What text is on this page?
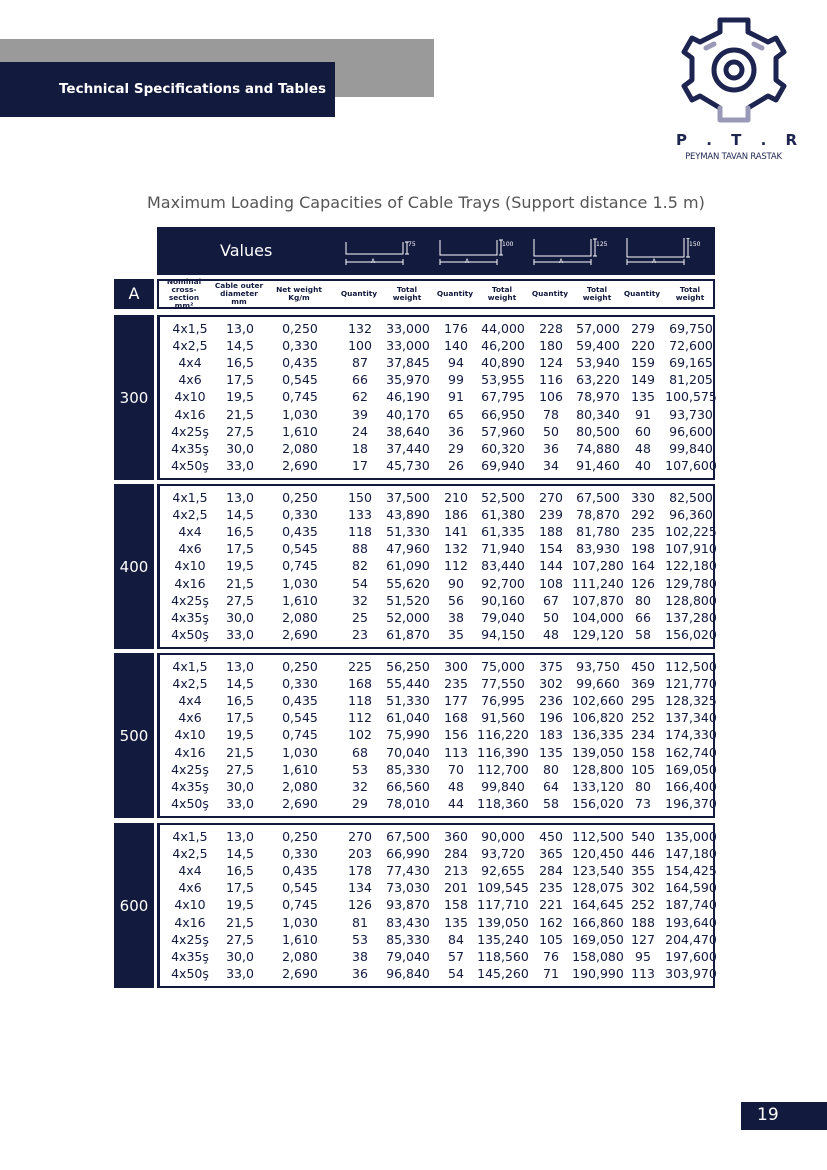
Technical Specifications and Tables
P . T . R
PEYMAN TAVAN RASTAK
Maximum Loading Capacities of Cable Trays (Support distance 1.5 m)
Values	75
A
100
A
125
A
150
A
A
Nominal cross-section mm²
Cable outer diameter mm
Net weight Kg/m	Quantity	Total weight	Quantity	Total weight	Quantity	Total weight	Quantity	Total weight
300
4x1,5	13,0	0,250	132	33,000	176	44,000	228	57,000 279	69,750
4x2,5	14,5	0,330	100	33,000	140	46,200	180	59,400 220	72,600
4x4	16,5	0,435	87	37,845	94	40,890	124	53,940 159	69,165
4x6	17,5	0,545	66	35,970	99	53,955	116	63,220 149	81,205
4x10	19,5	0,745	62	46,190	91	67,795	106	78,970 135 100,575
4x16	21,5	1,030	39	40,170	65	66,950	78	80,340	91	93,730
4x25ş	27,5	1,610	24	38,640	36	57,960	50	80,500	60	96,600
4x35ş	30,0	2,080	18	37,440	29	60,320	36	74,880	48	99,840
4x50ş	33,0	2,690	17	45,730	26	69,940	34	91,460	40	107,600
400
4x1,5	13,0	0,250	150	37,500	210	52,500	270	67,500 330	82,500
4x2,5	14,5	0,330	133	43,890	186	61,380	239	78,870 292	96,360
4x4	16,5	0,435	118	51,330	141	61,335	188	81,780 235 102,225
4x6	17,5	0,545	88	47,960	132	71,940	154	83,930 198 107,910
4x10	19,5	0,745	82	61,090	112	83,440	144 107,280 164 122,180
4x16	21,5	1,030	54	55,620	90	92,700	108 111,240 126 129,780
4x25ş	27,5	1,610	32	51,520	56	90,160	67	107,870 80	128,800
4x35ş	30,0	2,080	25	52,000	38	79,040	50	104,000 66	137,280
4x50ş	33,0	2,690	23	61,870	35	94,150	48	129,120 58	156,020
500
4x1,5	13,0	0,250	225	56,250	300	75,000	375	93,750 450 112,500
4x2,5	14,5	0,330	168	55,440	235	77,550	302	99,660 369 121,770
4x4	16,5	0,435	118	51,330	177	76,995	236 102,660 295 128,325
4x6	17,5	0,545	112	61,040	168	91,560	196 106,820 252 137,340
4x10	19,5	0,745	102	75,990	156 116,220 183 136,335 234 174,330
4x16	21,5	1,030	68	70,040	113 116,390 135 139,050 158 162,740
4x25ş	27,5	1,610	53	85,330	70	112,700	80	128,800 105 169,050
4x35ş	30,0	2,080	32	66,560	48	99,840	64	133,120 80	166,400
4x50ş	33,0	2,690	29	78,010	44	118,360	58	156,020 73	196,370
600
4x1,5	13,0	0,250	270	67,500	360	90,000	450 112,500 540 135,000
4x2,5	14,5	0,330	203	66,990	284	93,720	365 120,450 446 147,180
4x4	16,5	0,435	178	77,430	213	92,655	284 123,540 355 154,425
4x6	17,5	0,545	134	73,030	201 109,545 235 128,075 302 164,590
4x10	19,5	0,745	126	93,870	158 117,710 221 164,645 252 187,740
4x16	21,5	1,030	81	83,430	135 139,050 162 166,860 188 193,640
4x25ş	27,5	1,610	53	85,330	84	135,240 105 169,050 127 204,470
4x35ş	30,0	2,080	38	79,040	57	118,560	76	158,080 95	197,600
4x50ş	33,0	2,690	36	96,840	54	145,260	71	190,990 113 303,970
19
